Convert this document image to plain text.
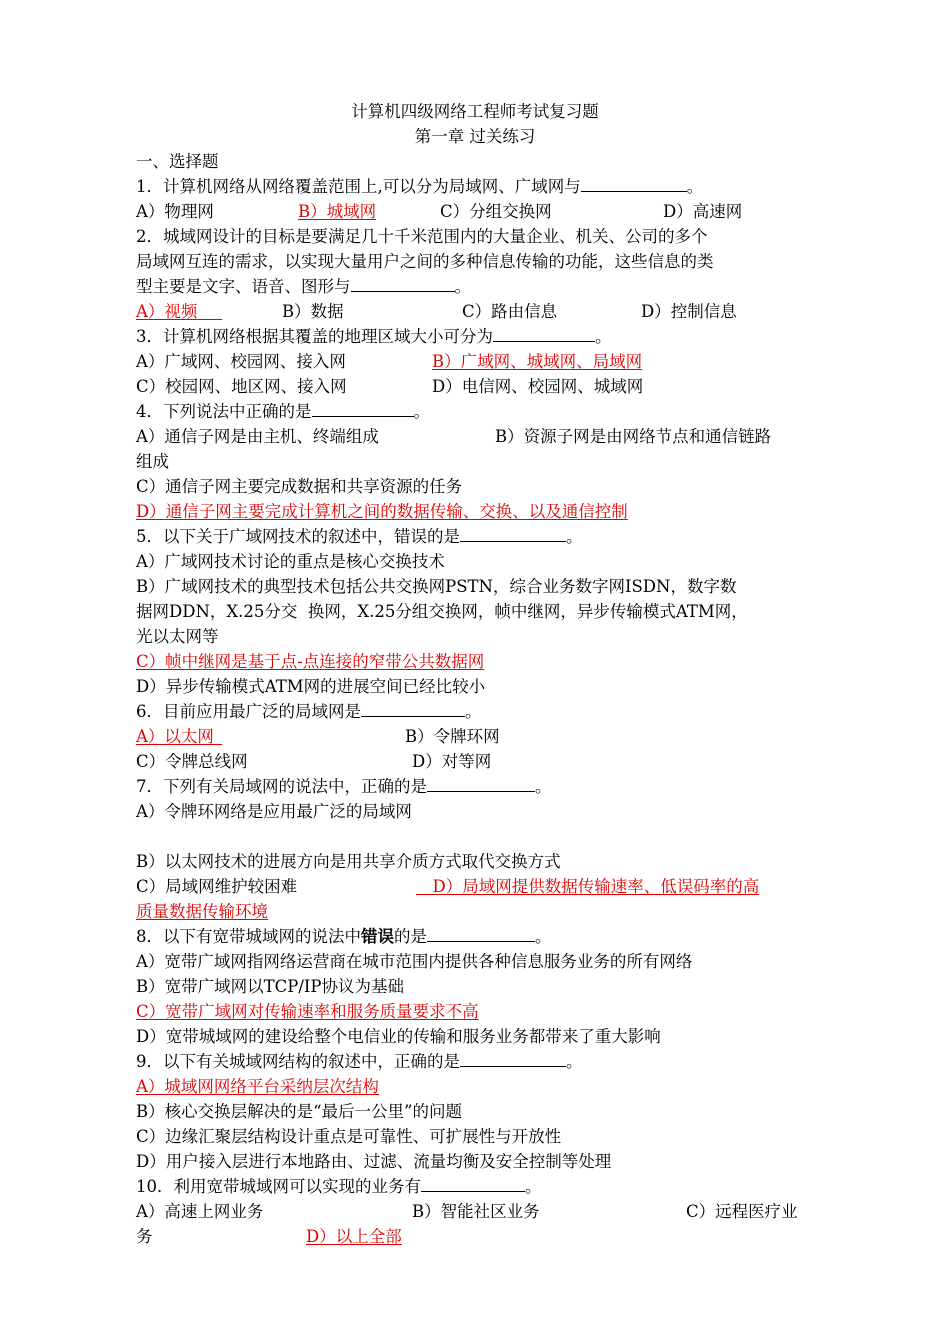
计算机四级网络工程师考试复习题
第一章 过关练习
一、选择题
1．计算机网络从网络覆盖范围上,可以分为局域网、广域网与	。
A）物理网	B）城域网	C）分组交换网	D）高速网
2．城域网设计的目标是要满足几十千米范围内的大量企业、机关、公司的多个
局域网互连的需求，以实现大量用户之间的多种信息传输的功能，这些信息的类
型主要是文字、语音、图形与	。
A）视频   	B）数据	C）路由信息	D）控制信息
3．计算机网络根据其覆盖的地理区域大小可分为	。
A）广域网、校园网、接入网	B）广域网、城域网、局域网
C）校园网、地区网、接入网	D）电信网、校园网、城域网
4．下列说法中正确的是	。
A）通信子网是由主机、终端组成	B）资源子网是由网络节点和通信链路
组成
C）通信子网主要完成数据和共享资源的任务
D）通信子网主要完成计算机之间的数据传输、交换、以及通信控制
5．以下关于广域网技术的叙述中，错误的是	。
A）广域网技术讨论的重点是核心交换技术
B）广域网技术的典型技术包括公共交换网PSTN，综合业务数字网ISDN，数字数
据网DDN，X.25分交  换网，X.25分组交换网，帧中继网，异步传输模式ATM网，
光以太网等
C）帧中继网是基于点-点连接的窄带公共数据网
D）异步传输模式ATM网的进展空间已经比较小
6．目前应用最广泛的局域网是	。
A）以太网 	B）令牌环网
C）令牌总线网	D）对等网
7．下列有关局域网的说法中，正确的是	。
A）令牌环网络是应用最广泛的局域网
B）以太网技术的进展方向是用共享介质方式取代交换方式
C）局域网维护较困难
  	D）局域网提供数据传输速率、低误码率的高
质量数据传输环境
8．以下有宽带城域网的说法中错误的是	。
A）宽带广域网指网络运营商在城市范围内提供各种信息服务业务的所有网络
B）宽带广域网以TCP/IP协议为基础
C）宽带广域网对传输速率和服务质量要求不高
D）宽带城域网的建设给整个电信业的传输和服务业务都带来了重大影响
9．以下有关城域网结构的叙述中，正确的是	。
A）城域网网络平台采纳层次结构
B）核心交换层解决的是“最后一公里”的问题
C）边缘汇聚层结构设计重点是可靠性、可扩展性与开放性
D）用户接入层进行本地路由、过滤、流量均衡及安全控制等处理
10．利用宽带城域网可以实现的业务有	。
A）高速上网业务	B）智能社区业务	C）远程医疗业
务	D）以上全部
